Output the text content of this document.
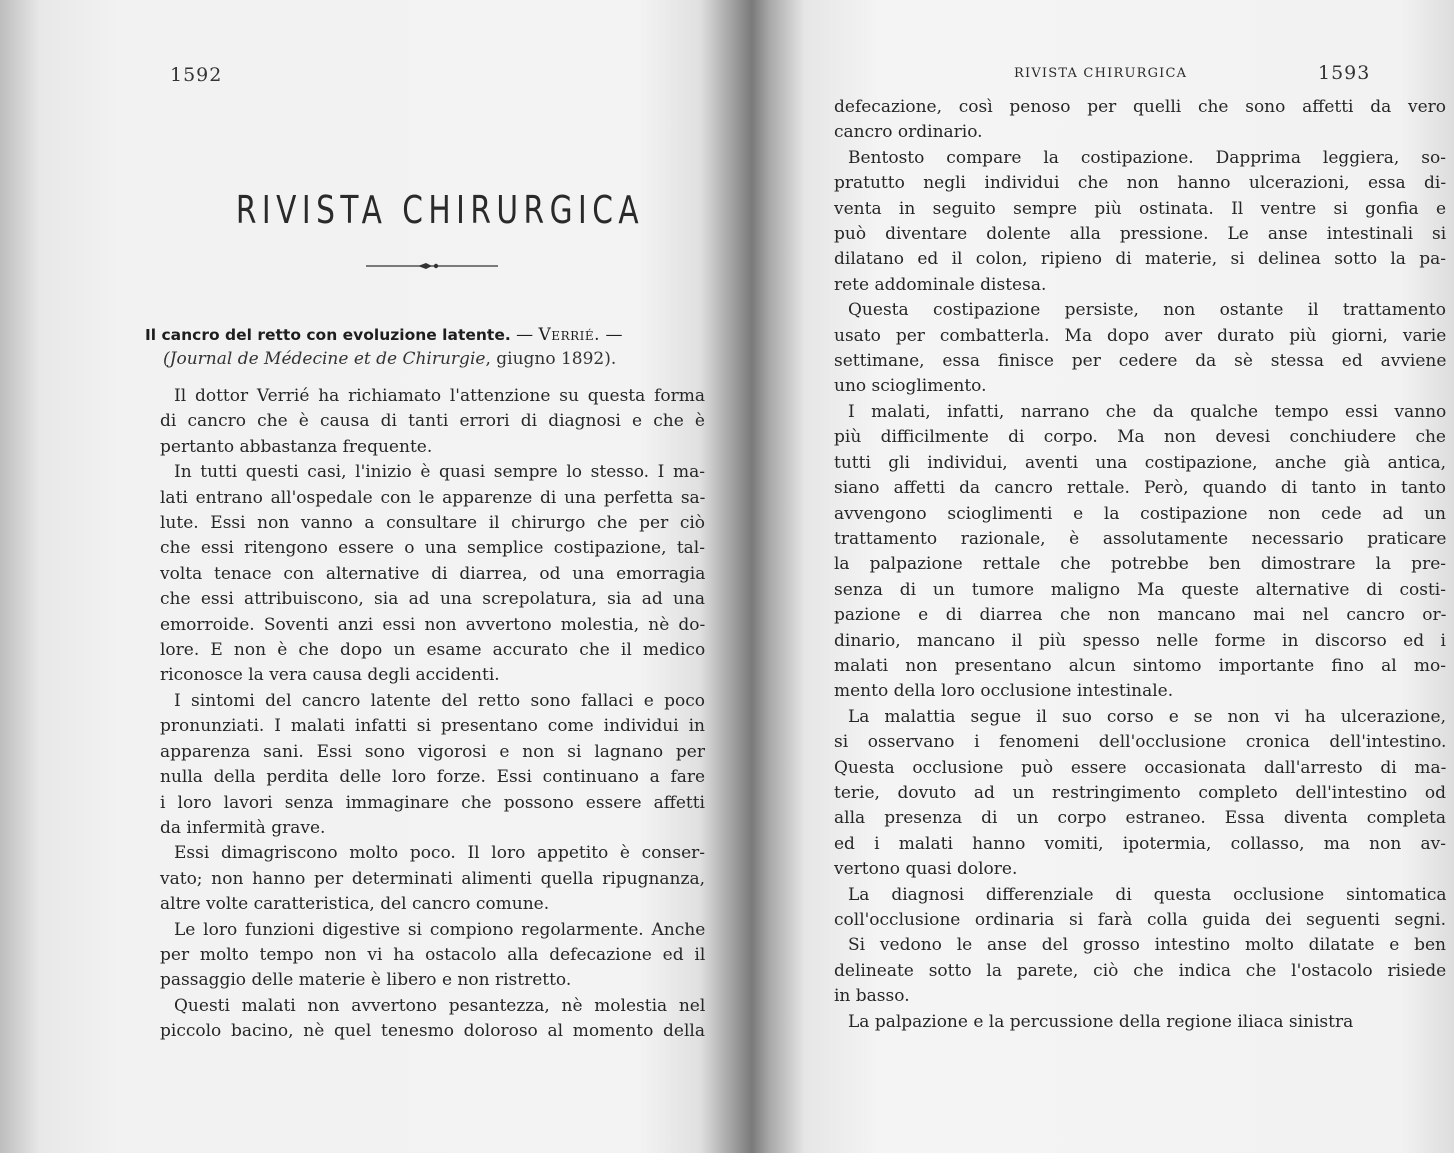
1592
RIVISTA CHIRURGICA
Il cancro del retto con evoluzione latente. — Verrié. —
(Journal de Médecine et de Chirurgie, giugno 1892).
Il dottor Verrié ha richiamato l'attenzione su questa forma
di cancro che è causa di tanti errori di diagnosi e che è
pertanto abbastanza frequente.
In tutti questi casi, l'inizio è quasi sempre lo stesso. I ma-
lati entrano all'ospedale con le apparenze di una perfetta sa-
lute. Essi non vanno a consultare il chirurgo che per ciò
che essi ritengono essere o una semplice costipazione, tal-
volta tenace con alternative di diarrea, od una emorragia
che essi attribuiscono, sia ad una screpolatura, sia ad una
emorroide. Soventi anzi essi non avvertono molestia, nè do-
lore. E non è che dopo un esame accurato che il medico
riconosce la vera causa degli accidenti.
I sintomi del cancro latente del retto sono fallaci e poco
pronunziati. I malati infatti si presentano come individui in
apparenza sani. Essi sono vigorosi e non si lagnano per
nulla della perdita delle loro forze. Essi continuano a fare
i loro lavori senza immaginare che possono essere affetti
da infermità grave.
Essi dimagriscono molto poco. Il loro appetito è conser-
vato; non hanno per determinati alimenti quella ripugnanza,
altre volte caratteristica, del cancro comune.
Le loro funzioni digestive si compiono regolarmente. Anche
per molto tempo non vi ha ostacolo alla defecazione ed il
passaggio delle materie è libero e non ristretto.
Questi malati non avvertono pesantezza, nè molestia nel
piccolo bacino, nè quel tenesmo doloroso al momento della
RIVISTA CHIRURGICA	1593
defecazione, così penoso per quelli che sono affetti da vero
cancro ordinario.
Bentosto compare la costipazione. Dapprima leggiera, so-
pratutto negli individui che non hanno ulcerazioni, essa di-
venta in seguito sempre più ostinata. Il ventre si gonfia e
può diventare dolente alla pressione. Le anse intestinali si
dilatano ed il colon, ripieno di materie, si delinea sotto la pa-
rete addominale distesa.
Questa costipazione persiste, non ostante il trattamento
usato per combatterla. Ma dopo aver durato più giorni, varie
settimane, essa finisce per cedere da sè stessa ed avviene
uno scioglimento.
I malati, infatti, narrano che da qualche tempo essi vanno
più difficilmente di corpo. Ma non devesi conchiudere che
tutti gli individui, aventi una costipazione, anche già antica,
siano affetti da cancro rettale. Però, quando di tanto in tanto
avvengono scioglimenti e la costipazione non cede ad un
trattamento razionale, è assolutamente necessario praticare
la palpazione rettale che potrebbe ben dimostrare la pre-
senza di un tumore maligno Ma queste alternative di costi-
pazione e di diarrea che non mancano mai nel cancro or-
dinario, mancano il più spesso nelle forme in discorso ed i
malati non presentano alcun sintomo importante fino al mo-
mento della loro occlusione intestinale.
La malattia segue il suo corso e se non vi ha ulcerazione,
si osservano i fenomeni dell'occlusione cronica dell'intestino.
Questa occlusione può essere occasionata dall'arresto di ma-
terie, dovuto ad un restringimento completo dell'intestino od
alla presenza di un corpo estraneo. Essa diventa completa
ed i malati hanno vomiti, ipotermia, collasso, ma non av-
vertono quasi dolore.
La diagnosi differenziale di questa occlusione sintomatica
coll'occlusione ordinaria si farà colla guida dei seguenti segni.
Si vedono le anse del grosso intestino molto dilatate e ben
delineate sotto la parete, ciò che indica che l'ostacolo risiede
in basso.
La palpazione e la percussione della regione iliaca sinistra
